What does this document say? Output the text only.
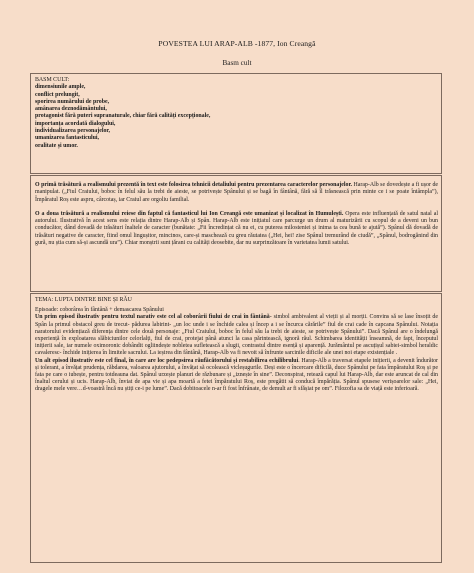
POVESTEA LUI ARAP-ALB -1877, Ion Creangă
Basm cult
BASM CULT:
dimensiunile ample,
conflict prelungit,
sporirea numărului de probe,
amânarea deznodământului,
protagonist fără puteri supranaturale, chiar fără calități excepționale,
importanța acordată dialogului,
individualizarea personajelor,
umanizarea fantasticului,
oralitate și umor.
O primă trăsătură a realismului prezentă în text este folosirea tehnicii detaliului pentru prezentarea caracterelor personajelor. Harap-Alb se dovedește a fi ușor de manipulat. („Fiul Craiului, boboc în felul său la trebi de aieste, se potrivește Spânului și se bagă în fântână, fără să îl trăsnească prin minte ce i se poate întâmpla”), Împăratul Roș este aspru, cârcotaș, iar Craiul are orgoliu familial.
O a doua trăsătură a realismului reiese din faptul că fantasticul lui Ion Creangă este umanizat și localizat în Humulești. Opera este influențată de satul natal al autorului. Ilustrativă în acest sens este relația dintre Harap-Alb și Spân. Harap-Alb este inițiatul care parcurge un drum al maturizării cu scopul de a deveni un bun conducător, dând dovadă de trăsături înaltele de caracter (bunătate: „Fii încredințat că nu ei, cu puterea milosteniei și inima ta cea bună te ajută”). Spânul dă dovadă de trăsături negative de caracter, fiind omul lingușitor, mincinos, care-și maschează cu greu răutatea („Hei, hei! zise Spânul tremurând de ciudă”, „Spânul, bodrogănind din gură, nu știa cum să-și ascundă ura”). Chiar monștrii sunt țărani cu calități deosebite, dar nu surprinzătoare în varietatea lumii satului.
TEMA: LUPTA DINTRE BINE ȘI RĂU
Episoade: coborârea în fântână + demascarea Spânului
Un prim episod ilustrativ pentru textul narativ este cel al coborârii fiului de crai în fântână- simbol ambivalent al vieții și al morții. Convins să se lase însoțit de Spân la primul obstacol greu de trecut- pădurea labirint- „un loc unde i se închide calea și încep a i se încurca cărările” fiul de crai cade în capcana Spânului. Notația naratorului evidențiază diferența dintre cele două personaje: „Fiul Craiului, boboc în felul său la trebi de aieste, se potrivește Spânului”. Dacă Spânul are o îndelungă experiență în exploatarea slăbiciunilor celorlalți, fiul de crai, protejat până atunci la casa părintească, ignoră răul. Schimbarea identității înseamnă, de fapt, începutul inițierii sale, iar numele oximoronic dobândit ogliindește nobletea sufletească a slugii, contrastul dintre esență și aparență. Jurământul pe ascuțișul sabiei-simbol heraldic cavaleresc- închide inițierea în limitele sacrului. La ieșirea din fântână, Harap-Alb va fi nevoit să înfrunte sarcinile dificile ale unei noi etape existențiale .
Un alt episod ilustrativ este cel final, în care are loc pedepsirea răufăcătorului și restabilirea echilibrului. Harap-Alb a traversat etapele inițierii, a devenit îndurător și tolerant, a învățat prudența, răbdarea, valoarea ajutorului, a învățat să ocolească vicleșugurile. Deși este o încercare dificilă, duce Spânului pe fata împăratului Roș și pe fata pe care o iubește, pentru totdeauna dat. Spânul urzește planuri de răzbunare și „iznește în sine”. Deconspirat, retează capul lui Harap-Alb, dar este aruncat de cal din înaltul cerului și ucis. Harap-Alb, înviat de apa vie și apa moartă a fetei împăratului Roș, este pregătit să conducă împărăția. Spânul spusese verișoarelor sale: „Hei, dragele mele vere…d-voastră încă nu știți ce-i pe lume”. Dacă dobitoacele n-ar fi fost înfrânate, de demult ar fi sfășiat pe om”. Filozofia sa de viață este inferioară.
